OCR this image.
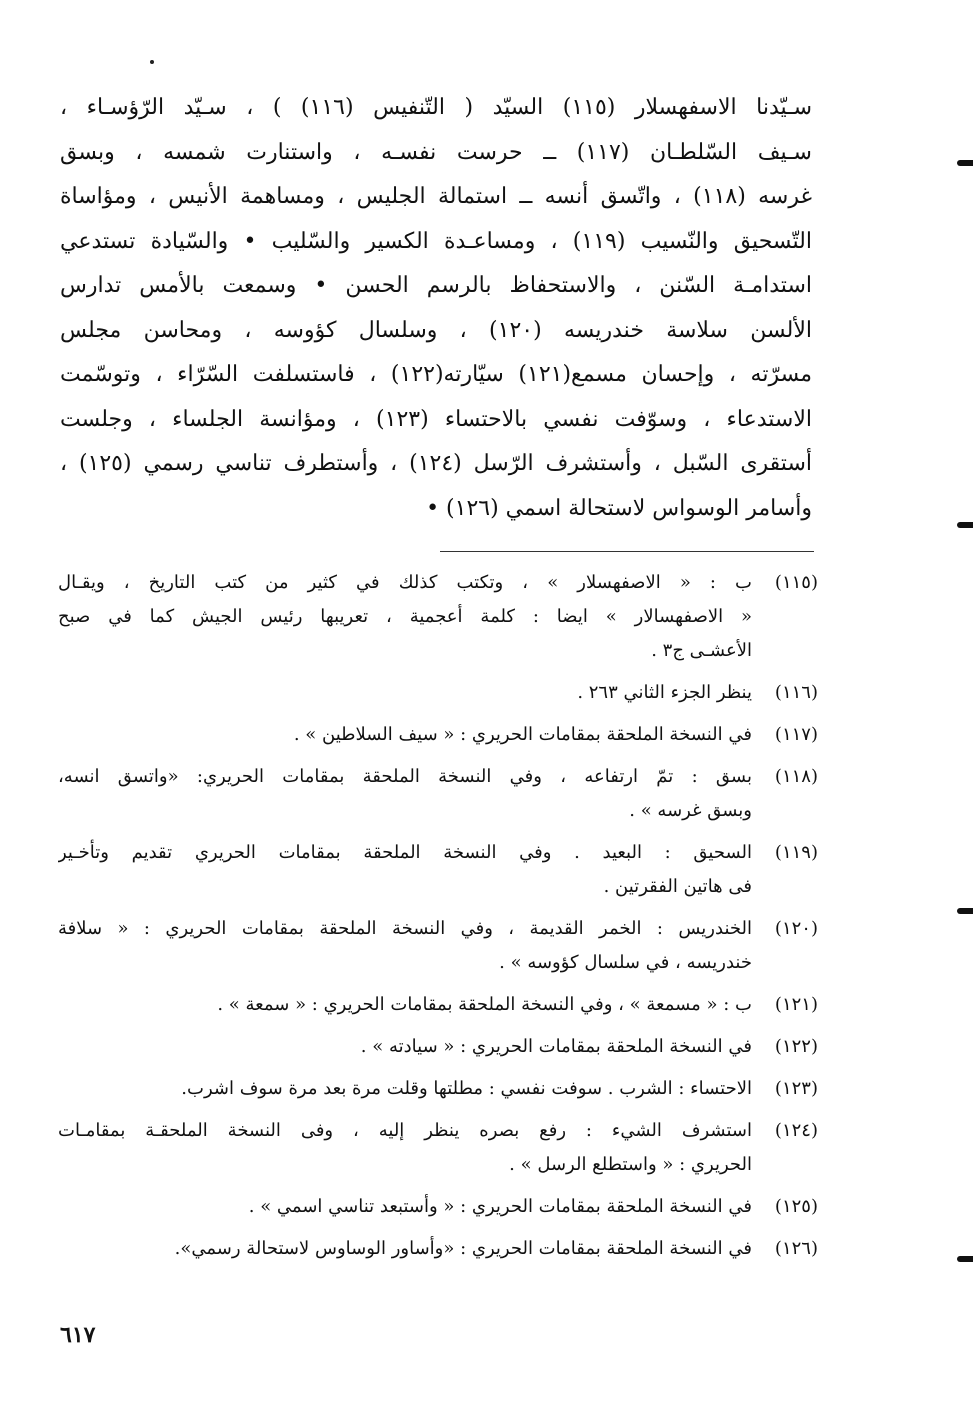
سـيّدنا الاسفهسلار (١١٥) السيّد ( التّنفيس (١١٦) ) ، سـيّد الرّؤسـاء ،
سـيف السّلطـان (١١٧) ــ حرست نفسـه ، واستنارت شمسه ، وبسق
غرسه (١١٨) ، واتّسق أنسه ــ استمالة الجليس ، ومساهمة الأنيس ، ومؤاساة
التّسحيق والنّسيب (١١٩) ، ومساعـدة الكسير والسّليب • والسّيادة تستدعي
استدامـة السّنن ، والاستحفاظ بالرسم الحسن • وسمعت بالأمس تدارس
الألسن سلاسة خندريسه (١٢٠) ، وسلسال كؤوسه ، ومحاسن مجلس
مسرّته ، وإحسان مسمع(١٢١) سيّارته(١٢٢) ، فاستسلفت السّرّاء ، وتوسّمت
الاستدعاء ، وسوّفت نفسي بالاحتساء (١٢٣) ، ومؤانسة الجلساء ، وجلست
أستقرى السّبل ، وأستشرف الرّسل (١٢٤) ، وأستطرف تناسي رسمي (١٢٥) ،
وأسامر الوسواس لاستحالة اسمي (١٢٦) •
(١١٥)
ب : « الاصفهسلار » ، وتكتب كذلك في كثير من كتب التاريخ ، ويقـال
« الاصفهسالار » ايضا : كلمة أعجمية ، تعريبها رئيس الجيش كما في صبح
الأعشـى ج٣ .
(١١٦)
ينظر الجزء الثاني ٢٦٣ .
(١١٧)
في النسخة الملحقة بمقامات الحريري : « سيف السلاطين » .
(١١٨)
بسق : تمّ ارتفاعه ، وفي النسخة الملحقة بمقامات الحريري: «واتسق انسه،
وبسق غرسه » .
(١١٩)
السحيق : البعيد . وفي النسخة الملحقة بمقامات الحريري تقديم وتأخـير
فى هاتين الفقرتين .
(١٢٠)
الخندريس : الخمر القديمة ، وفي النسخة الملحقة بمقامات الحريري : « سلافة
خندريسه ، في سلسال كؤوسه » .
(١٢١)
ب : « مسمعة » ، وفي النسخة الملحقة بمقامات الحريري : « سمعة » .
(١٢٢)
في النسخة الملحقة بمقامات الحريري : « سيادته » .
(١٢٣)
الاحتساء : الشرب . سوفت نفسي : مطلتها وقلت مرة بعد مرة سوف اشرب.
(١٢٤)
استشرف الشيء : رفع بصره ينظر إليه ، وفى النسخة الملحقـة بمقامـات
الحريري : « واستطلع الرسل » .
(١٢٥)
في النسخة الملحقة بمقامات الحريري : « وأستبعد تناسي اسمي » .
(١٢٦)
في النسخة الملحقة بمقامات الحريري : «وأساور الوساوس لاستحالة رسمي».
٦١٧
